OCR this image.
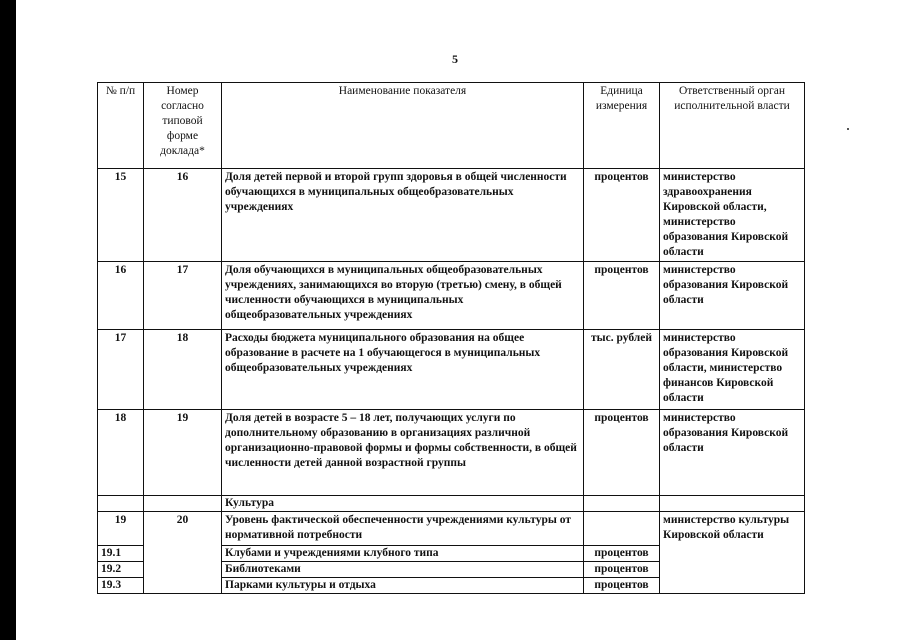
5
№ п/п	Номер согласно типовой форме доклада*	Наименование показателя	Единица измерения	Ответственный орган исполнительной власти
15	16	Доля детей первой и второй групп здоровья в общей численности обучающихся в муниципальных общеобразовательных учреждениях	процентов	министерство здравоохранения Кировской области, министерство образования Кировской области
16	17	Доля обучающихся в муниципальных общеобразовательных учреждениях, занимающихся во вторую (третью) смену, в общей численности обучающихся в муниципальных общеобразовательных учреждениях	процентов	министерство образования Кировской области
17	18	Расходы бюджета муниципального образования на общее образование в расчете на 1 обучающегося в муниципальных общеобразовательных учреждениях	тыс. рублей	министерство образования Кировской области, министерство финансов Кировской области
18	19	Доля детей в возрасте 5 – 18 лет, получающих услуги по дополнительному образованию в организациях различной организационно-правовой формы и формы собственности, в общей численности детей данной возрастной группы	процентов	министерство образования Кировской области
		Культура		
19	20	Уровень фактической обеспеченности учреждениями культуры от нормативной потребности		министерство культуры Кировской области
19.1		Клубами и учреждениями клубного типа	процентов	
19.2		Библиотеками	процентов	
19.3		Парками культуры и отдыха	процентов	
